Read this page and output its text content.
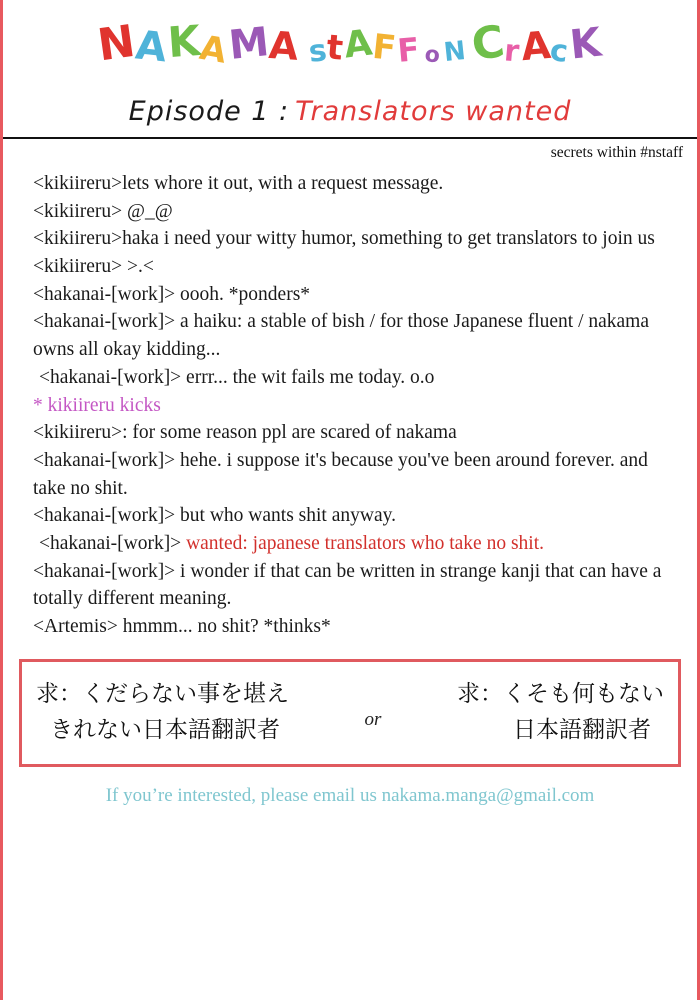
NAKAMA stAFF oN CrAcK
Episode 1 : Translators wanted
secrets within #nstaff
<kikiireru>lets whore it out, with a request message.
<kikiireru> @_@
<kikiireru>haka i need your witty humor, something to get translators to join us
<kikiireru> >.<
<hakanai-[work]> oooh. *ponders*
<hakanai-[work]> a haiku: a stable of bish / for those Japanese fluent / nakama owns all okay kidding...
<hakanai-[work]> errr... the wit fails me today. o.o
* kikiireru kicks
<kikiireru>: for some reason ppl are scared of nakama
<hakanai-[work]> hehe. i suppose it's because you've been around forever. and take no shit.
<hakanai-[work]> but who wants shit anyway.
<hakanai-[work]> wanted: japanese translators who take no shit.
<hakanai-[work]> i wonder if that can be written in strange kanji that can have a totally different meaning.
<Artemis> hmmm... no shit? *thinks*
求：くだらない事を堪え
きれない日本語翻訳者	or
求：くそも何もない
日本語翻訳者
If you’re interested, please email us nakama.manga@gmail.com
